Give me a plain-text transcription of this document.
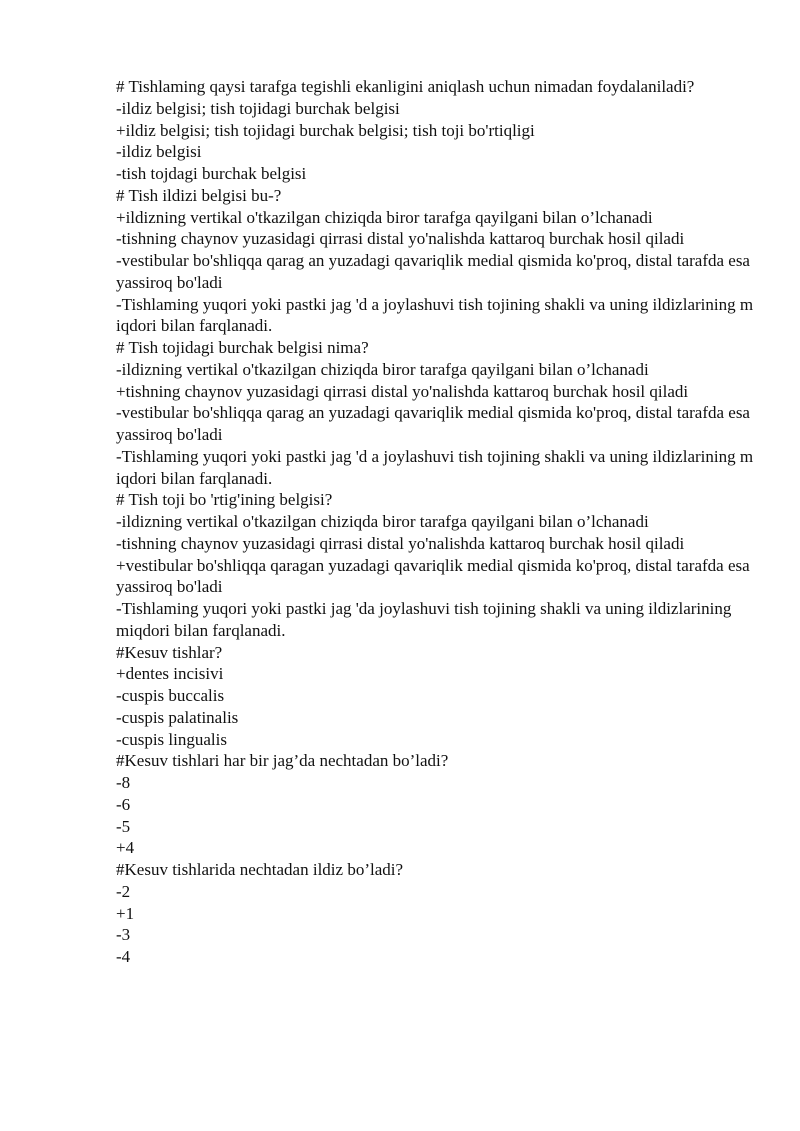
# Tishlaming qaysi tarafga tegishli ekanligini aniqlash uchun nimadan foydalaniladi?
-ildiz belgisi; tish tojidagi burchak belgisi
+ildiz belgisi; tish tojidagi burchak belgisi; tish toji bo'rtiqligi
-ildiz belgisi
-tish tojdagi burchak belgisi
# Tish ildizi belgisi bu-?
+ildizning vertikal o'tkazilgan chiziqda biror tarafga qayilgani bilan o’lchanadi
-tishning chaynov yuzasidagi qirrasi distal yo'nalishda kattaroq burchak hosil qiladi
-vestibular bo'shliqqa qarag an yuzadagi qavariqlik medial qismida ko'proq, distal tarafda esa yassiroq bo'ladi
-Tishlaming yuqori yoki pastki jag 'd a joylashuvi tish tojining shakli va uning ildizlarining m iqdori bilan farqlanadi.
# Tish tojidagi burchak belgisi nima?
-ildizning vertikal o'tkazilgan chiziqda biror tarafga qayilgani bilan o’lchanadi
+tishning chaynov yuzasidagi qirrasi distal yo'nalishda kattaroq burchak hosil qiladi
-vestibular bo'shliqqa qarag an yuzadagi qavariqlik medial qismida ko'proq, distal tarafda esa yassiroq bo'ladi
-Tishlaming yuqori yoki pastki jag 'd a joylashuvi tish tojining shakli va uning ildizlarining m iqdori bilan farqlanadi.
# Tish toji bo 'rtig'ining belgisi?
-ildizning vertikal o'tkazilgan chiziqda biror tarafga qayilgani bilan o’lchanadi
-tishning chaynov yuzasidagi qirrasi distal yo'nalishda kattaroq burchak hosil qiladi
+vestibular bo'shliqqa qaragan yuzadagi qavariqlik medial qismida ko'proq, distal tarafda esa yassiroq bo'ladi
-Tishlaming yuqori yoki pastki jag 'da joylashuvi tish tojining shakli va uning ildizlarining miqdori bilan farqlanadi.
#Kesuv tishlar?
+dentes incisivi
-cuspis buccalis
-cuspis palatinalis
-cuspis lingualis
#Kesuv tishlari har bir jag’da nechtadan bo’ladi?
-8
-6
-5
+4
#Kesuv tishlarida nechtadan ildiz bo’ladi?
-2
+1
-3
-4
